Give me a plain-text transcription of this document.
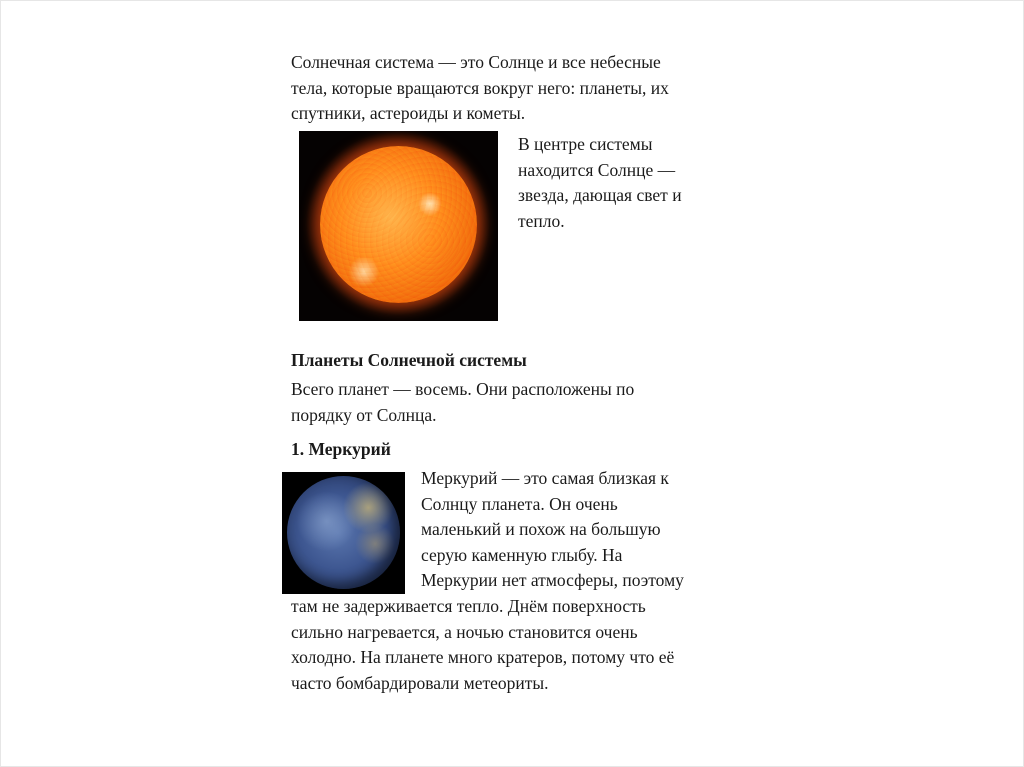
Солнечная система — это Солнце и все небесные
тела, которые вращаются вокруг него: планеты, их
спутники, астероиды и кометы.

В центре системы
находится Солнце —
звезда, дающая свет и
тепло.

Планеты Солнечной системы

Всего планет — восемь. Они расположены по
порядку от Солнца.

1. Меркурий

Меркурий — это самая близкая к
Солнцу планета. Он очень
маленький и похож на большую
серую каменную глыбу. На
Меркурии нет атмосферы, поэтому

там не задерживается тепло. Днём поверхность
сильно нагревается, а ночью становится очень
холодно. На планете много кратеров, потому что её
часто бомбардировали метеориты.
